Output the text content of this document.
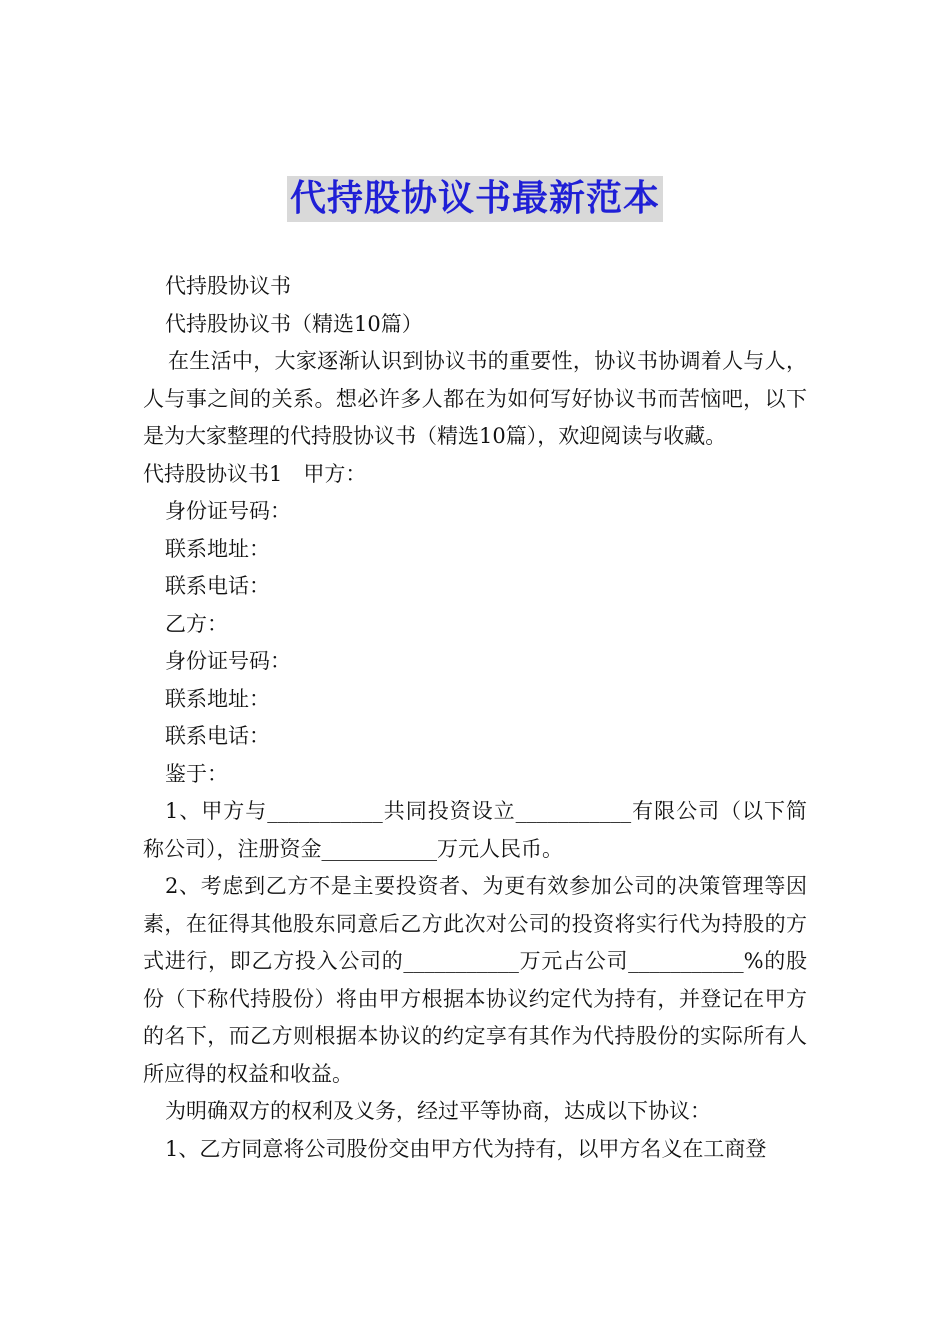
代持股协议书最新范本

代持股协议书

代持股协议书（精选10篇）

在生活中，大家逐渐认识到协议书的重要性，协议书协调着人与人，人与事之间的关系。想必许多人都在为如何写好协议书而苦恼吧，以下是为大家整理的代持股协议书（精选10篇），欢迎阅读与收藏。

代持股协议书1　甲方：

身份证号码：

联系地址：

联系电话：

乙方：

身份证号码：

联系地址：

联系电话：

鉴于：

1、甲方与___________共同投资设立___________有限公司（以下简称公司），注册资金___________万元人民币。

2、考虑到乙方不是主要投资者、为更有效参加公司的决策管理等因素，在征得其他股东同意后乙方此次对公司的投资将实行代为持股的方式进行，即乙方投入公司的___________万元占公司___________%的股份（下称代持股份）将由甲方根据本协议约定代为持有，并登记在甲方的名下，而乙方则根据本协议的约定享有其作为代持股份的实际所有人所应得的权益和收益。

为明确双方的权利及义务，经过平等协商，达成以下协议：

1、乙方同意将公司股份交由甲方代为持有，以甲方名义在工商登
